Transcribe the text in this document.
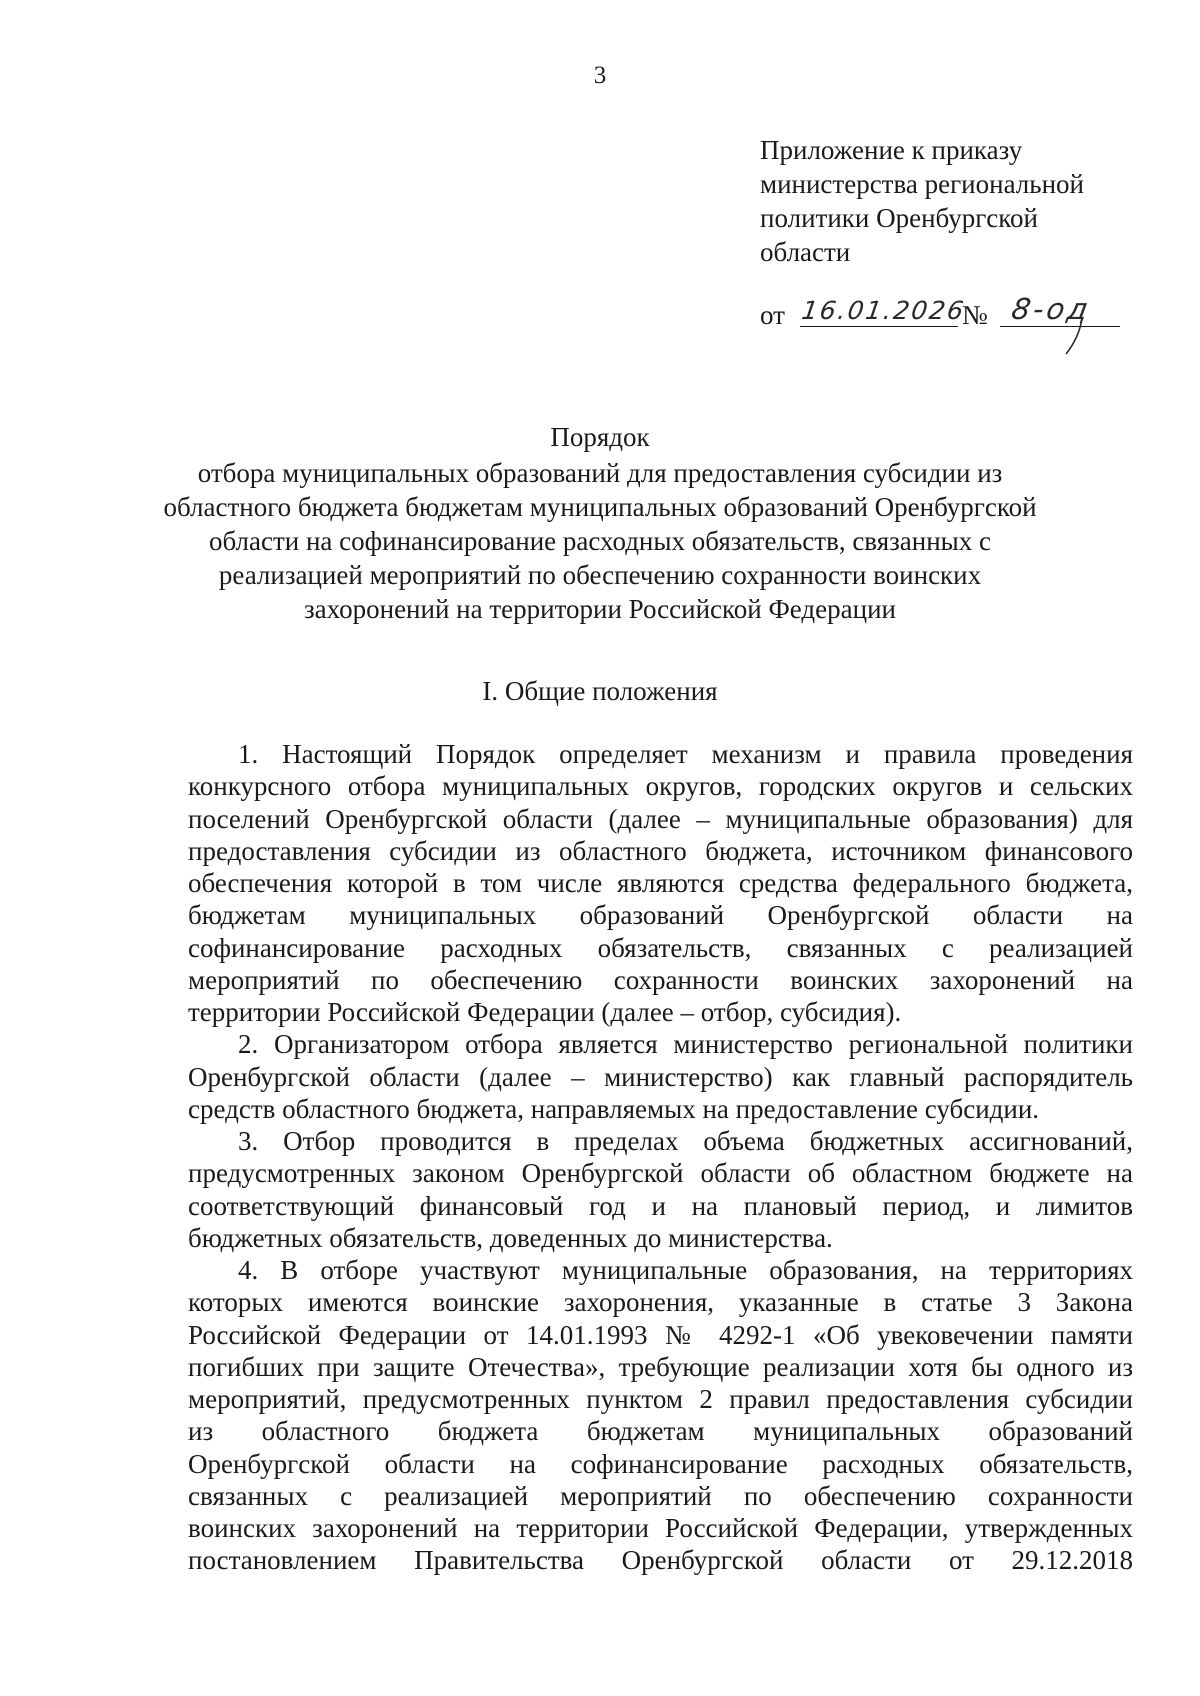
3
Приложение к приказу
министерства региональной
политики Оренбургской
области
от 16.01.2026
№ 8-од
Порядок
отбора муниципальных образований для предоставления субсидии из
областного бюджета бюджетам муниципальных образований Оренбургской
области на софинансирование расходных обязательств, связанных с
реализацией мероприятий по обеспечению сохранности воинских
захоронений на территории Российской Федерации
I. Общие положения
1. Настоящий Порядок определяет механизм и правила проведения
конкурсного отбора муниципальных округов, городских округов и сельских
поселений Оренбургской области (далее – муниципальные образования) для
предоставления субсидии из областного бюджета, источником финансового
обеспечения которой в том числе являются средства федерального бюджета,
бюджетам муниципальных образований Оренбургской области на
софинансирование расходных обязательств, связанных с реализацией
мероприятий по обеспечению сохранности воинских захоронений на
территории Российской Федерации (далее – отбор, субсидия).
2. Организатором отбора является министерство региональной политики
Оренбургской области (далее – министерство) как главный распорядитель
средств областного бюджета, направляемых на предоставление субсидии.
3. Отбор проводится в пределах объема бюджетных ассигнований,
предусмотренных законом Оренбургской области об областном бюджете на
соответствующий финансовый год и на плановый период, и лимитов
бюджетных обязательств, доведенных до министерства.
4. В отборе участвуют муниципальные образования, на территориях
которых имеются воинские захоронения, указанные в статье 3 Закона
Российской Федерации от 14.01.1993 № 4292-1 «Об увековечении памяти
погибших при защите Отечества», требующие реализации хотя бы одного из
мероприятий, предусмотренных пунктом 2 правил предоставления субсидии
из областного бюджета бюджетам муниципальных образований
Оренбургской области на софинансирование расходных обязательств,
связанных с реализацией мероприятий по обеспечению сохранности
воинских захоронений на территории Российской Федерации, утвержденных
постановлением Правительства Оренбургской области от 29.12.2018
